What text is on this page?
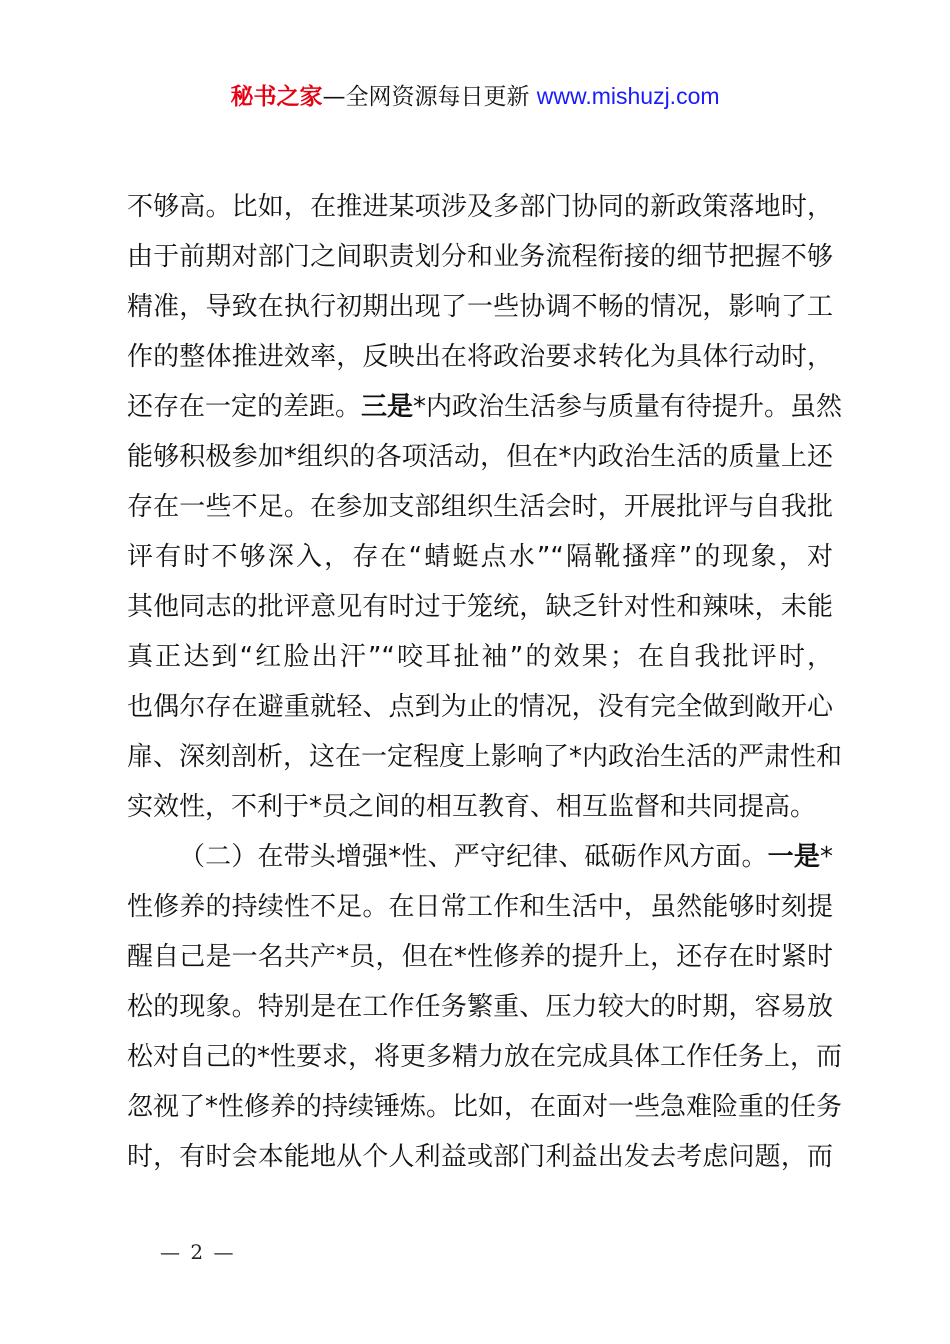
秘书之家—全网资源每日更新 www.mishuzj.com
不够高。比如，在推进某项涉及多部门协同的新政策落地时，
由于前期对部门之间职责划分和业务流程衔接的细节把握不够
精准，导致在执行初期出现了一些协调不畅的情况，影响了工
作的整体推进效率，反映出在将政治要求转化为具体行动时，
还存在一定的差距。三是*内政治生活参与质量有待提升。虽然
能够积极参加*组织的各项活动，但在*内政治生活的质量上还
存在一些不足。在参加支部组织生活会时，开展批评与自我批
评有时不够深入，存在“蜻蜓点水”“隔靴搔痒”的现象，对
其他同志的批评意见有时过于笼统，缺乏针对性和辣味，未能
真正达到“红脸出汗”“咬耳扯袖”的效果；在自我批评时，
也偶尔存在避重就轻、点到为止的情况，没有完全做到敞开心
扉、深刻剖析，这在一定程度上影响了*内政治生活的严肃性和
实效性，不利于*员之间的相互教育、相互监督和共同提高。
（二）在带头增强*性、严守纪律、砥砺作风方面。一是*
性修养的持续性不足。在日常工作和生活中，虽然能够时刻提
醒自己是一名共产*员，但在*性修养的提升上，还存在时紧时
松的现象。特别是在工作任务繁重、压力较大的时期，容易放
松对自己的*性要求，将更多精力放在完成具体工作任务上，而
忽视了*性修养的持续锤炼。比如，在面对一些急难险重的任务
时，有时会本能地从个人利益或部门利益出发去考虑问题，而
— 2 —
